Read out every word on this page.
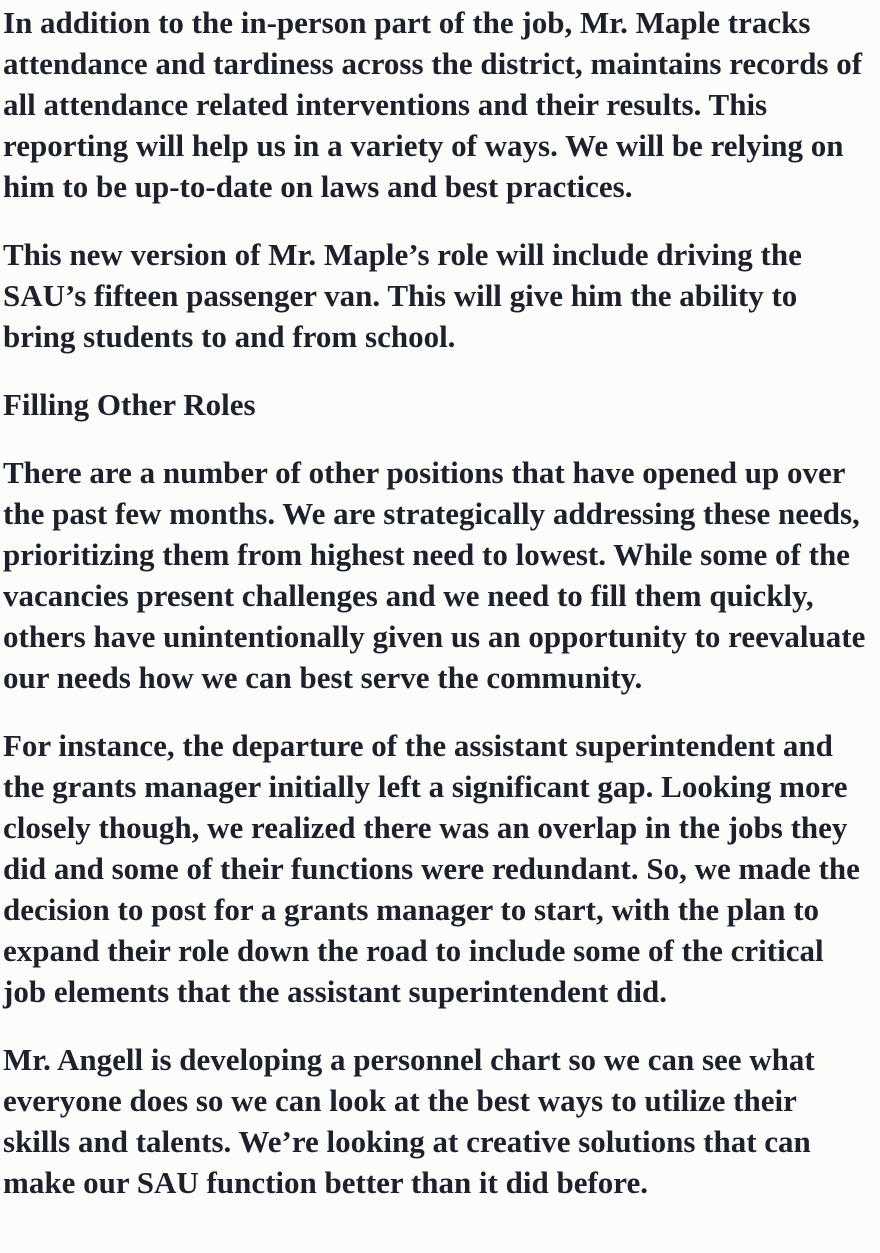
In addition to the in-person part of the job, Mr. Maple tracks
attendance and tardiness across the district, maintains records of
all attendance related interventions and their results. This
reporting will help us in a variety of ways. We will be relying on
him to be up-to-date on laws and best practices.
This new version of Mr. Maple’s role will include driving the
SAU’s fifteen passenger van. This will give him the ability to
bring students to and from school.
Filling Other Roles
There are a number of other positions that have opened up over
the past few months. We are strategically addressing these needs,
prioritizing them from highest need to lowest. While some of the
vacancies present challenges and we need to fill them quickly,
others have unintentionally given us an opportunity to reevaluate
our needs how we can best serve the community.
For instance, the departure of the assistant superintendent and
the grants manager initially left a significant gap. Looking more
closely though, we realized there was an overlap in the jobs they
did and some of their functions were redundant. So, we made the
decision to post for a grants manager to start, with the plan to
expand their role down the road to include some of the critical
job elements that the assistant superintendent did.
Mr. Angell is developing a personnel chart so we can see what
everyone does so we can look at the best ways to utilize their
skills and talents. We’re looking at creative solutions that can
make our SAU function better than it did before.
